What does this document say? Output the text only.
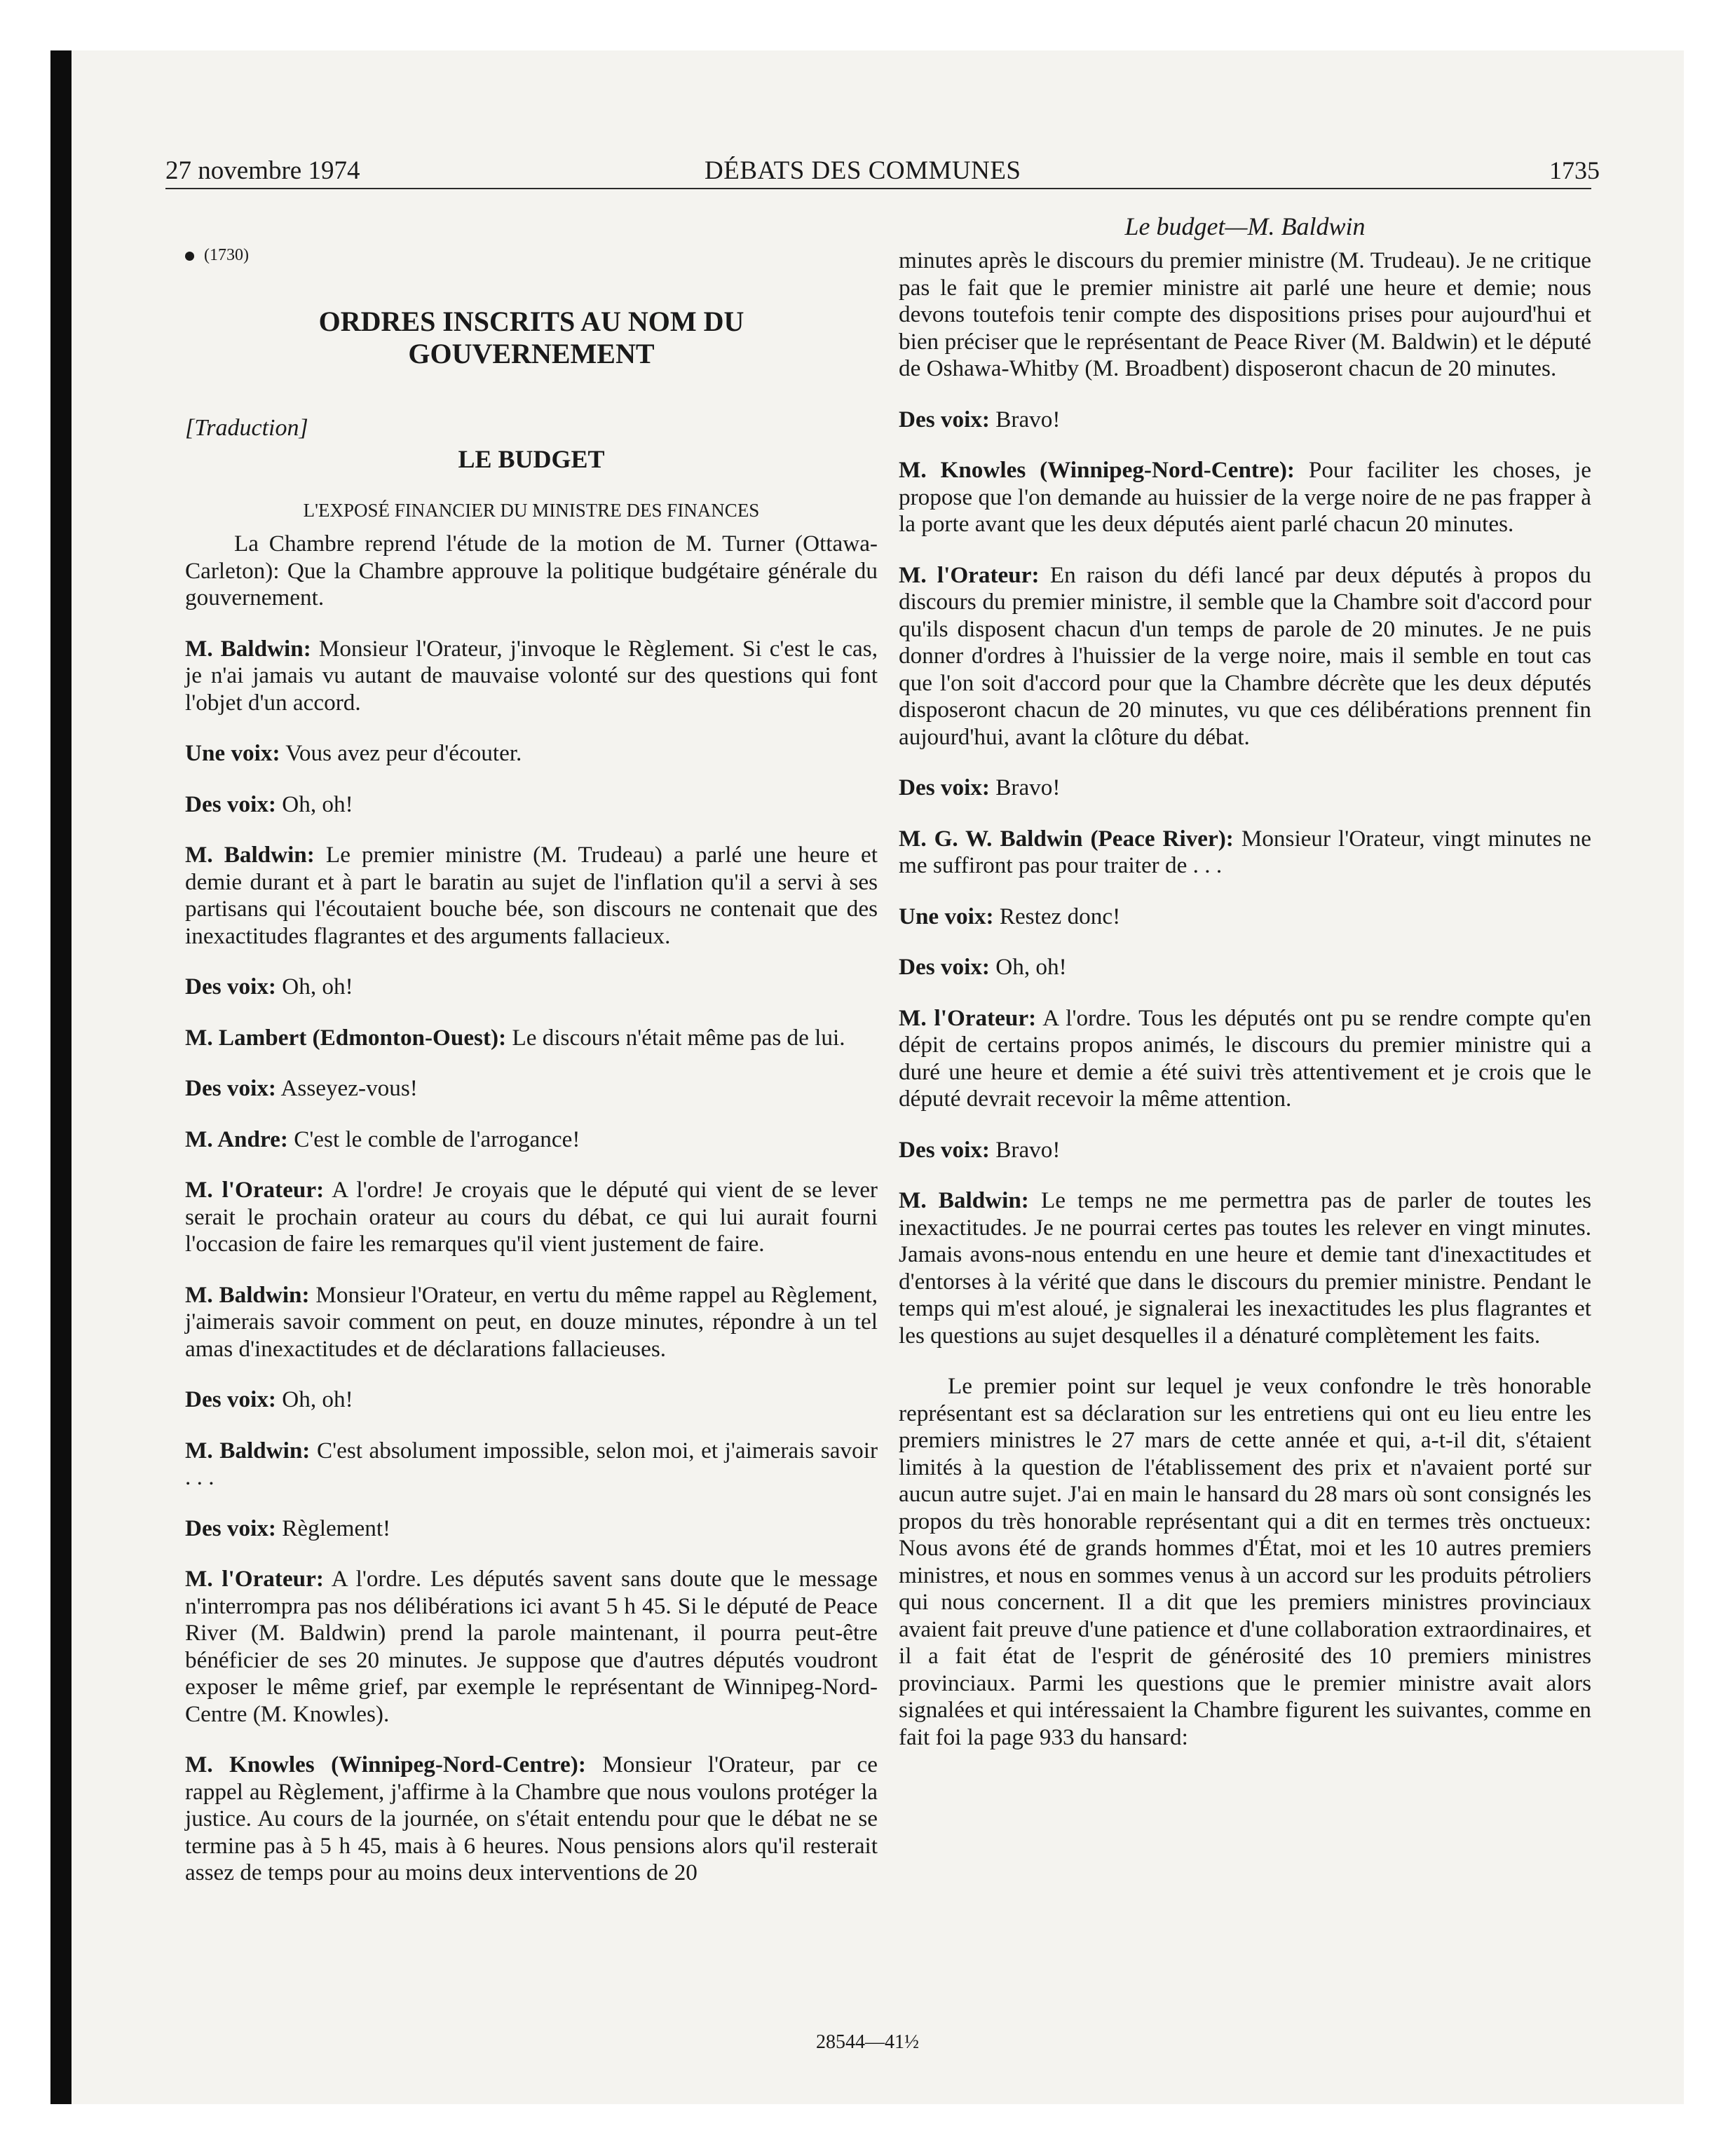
27 novembre 1974	DÉBATS DES COMMUNES	1735
Le budget—M. Baldwin
(1730)
ORDRES INSCRITS AU NOM DU GOUVERNEMENT
[Traduction]
LE BUDGET
L'EXPOSÉ FINANCIER DU MINISTRE DES FINANCES

La Chambre reprend l'étude de la motion de M. Turner (Ottawa-Carleton): Que la Chambre approuve la politique budgétaire générale du gouvernement.

M. Baldwin: Monsieur l'Orateur, j'invoque le Règlement. Si c'est le cas, je n'ai jamais vu autant de mauvaise volonté sur des questions qui font l'objet d'un accord.

Une voix: Vous avez peur d'écouter.

Des voix: Oh, oh!

M. Baldwin: Le premier ministre (M. Trudeau) a parlé une heure et demie durant et à part le baratin au sujet de l'inflation qu'il a servi à ses partisans qui l'écoutaient bouche bée, son discours ne contenait que des inexactitudes flagrantes et des arguments fallacieux.

Des voix: Oh, oh!

M. Lambert (Edmonton-Ouest): Le discours n'était même pas de lui.

Des voix: Asseyez-vous!

M. Andre: C'est le comble de l'arrogance!

M. l'Orateur: A l'ordre! Je croyais que le député qui vient de se lever serait le prochain orateur au cours du débat, ce qui lui aurait fourni l'occasion de faire les remarques qu'il vient justement de faire.

M. Baldwin: Monsieur l'Orateur, en vertu du même rappel au Règlement, j'aimerais savoir comment on peut, en douze minutes, répondre à un tel amas d'inexactitudes et de déclarations fallacieuses.

Des voix: Oh, oh!

M. Baldwin: C'est absolument impossible, selon moi, et j'aimerais savoir . . .

Des voix: Règlement!

M. l'Orateur: A l'ordre. Les députés savent sans doute que le message n'interrompra pas nos délibérations ici avant 5 h 45. Si le député de Peace River (M. Baldwin) prend la parole maintenant, il pourra peut-être bénéficier de ses 20 minutes. Je suppose que d'autres députés voudront exposer le même grief, par exemple le représentant de Winnipeg-Nord-Centre (M. Knowles).

M. Knowles (Winnipeg-Nord-Centre): Monsieur l'Orateur, par ce rappel au Règlement, j'affirme à la Chambre que nous voulons protéger la justice. Au cours de la journée, on s'était entendu pour que le débat ne se termine pas à 5 h 45, mais à 6 heures. Nous pensions alors qu'il resterait assez de temps pour au moins deux interventions de 20

minutes après le discours du premier ministre (M. Trudeau). Je ne critique pas le fait que le premier ministre ait parlé une heure et demie; nous devons toutefois tenir compte des dispositions prises pour aujourd'hui et bien préciser que le représentant de Peace River (M. Baldwin) et le député de Oshawa-Whitby (M. Broadbent) disposeront chacun de 20 minutes.

Des voix: Bravo!

M. Knowles (Winnipeg-Nord-Centre): Pour faciliter les choses, je propose que l'on demande au huissier de la verge noire de ne pas frapper à la porte avant que les deux députés aient parlé chacun 20 minutes.

M. l'Orateur: En raison du défi lancé par deux députés à propos du discours du premier ministre, il semble que la Chambre soit d'accord pour qu'ils disposent chacun d'un temps de parole de 20 minutes. Je ne puis donner d'ordres à l'huissier de la verge noire, mais il semble en tout cas que l'on soit d'accord pour que la Chambre décrète que les deux députés disposeront chacun de 20 minutes, vu que ces délibérations prennent fin aujourd'hui, avant la clôture du débat.

Des voix: Bravo!

M. G. W. Baldwin (Peace River): Monsieur l'Orateur, vingt minutes ne me suffiront pas pour traiter de . . .

Une voix: Restez donc!

Des voix: Oh, oh!

M. l'Orateur: A l'ordre. Tous les députés ont pu se rendre compte qu'en dépit de certains propos animés, le discours du premier ministre qui a duré une heure et demie a été suivi très attentivement et je crois que le député devrait recevoir la même attention.

Des voix: Bravo!

M. Baldwin: Le temps ne me permettra pas de parler de toutes les inexactitudes. Je ne pourrai certes pas toutes les relever en vingt minutes. Jamais avons-nous entendu en une heure et demie tant d'inexactitudes et d'entorses à la vérité que dans le discours du premier ministre. Pendant le temps qui m'est aloué, je signalerai les inexactitudes les plus flagrantes et les questions au sujet desquelles il a dénaturé complètement les faits.

Le premier point sur lequel je veux confondre le très honorable représentant est sa déclaration sur les entretiens qui ont eu lieu entre les premiers ministres le 27 mars de cette année et qui, a-t-il dit, s'étaient limités à la question de l'établissement des prix et n'avaient porté sur aucun autre sujet. J'ai en main le hansard du 28 mars où sont consignés les propos du très honorable représentant qui a dit en termes très onctueux: Nous avons été de grands hommes d'État, moi et les 10 autres premiers ministres, et nous en sommes venus à un accord sur les produits pétroliers qui nous concernent. Il a dit que les premiers ministres provinciaux avaient fait preuve d'une patience et d'une collaboration extraordinaires, et il a fait état de l'esprit de générosité des 10 premiers ministres provinciaux. Parmi les questions que le premier ministre avait alors signalées et qui intéressaient la Chambre figurent les suivantes, comme en fait foi la page 933 du hansard:

28544—41½
